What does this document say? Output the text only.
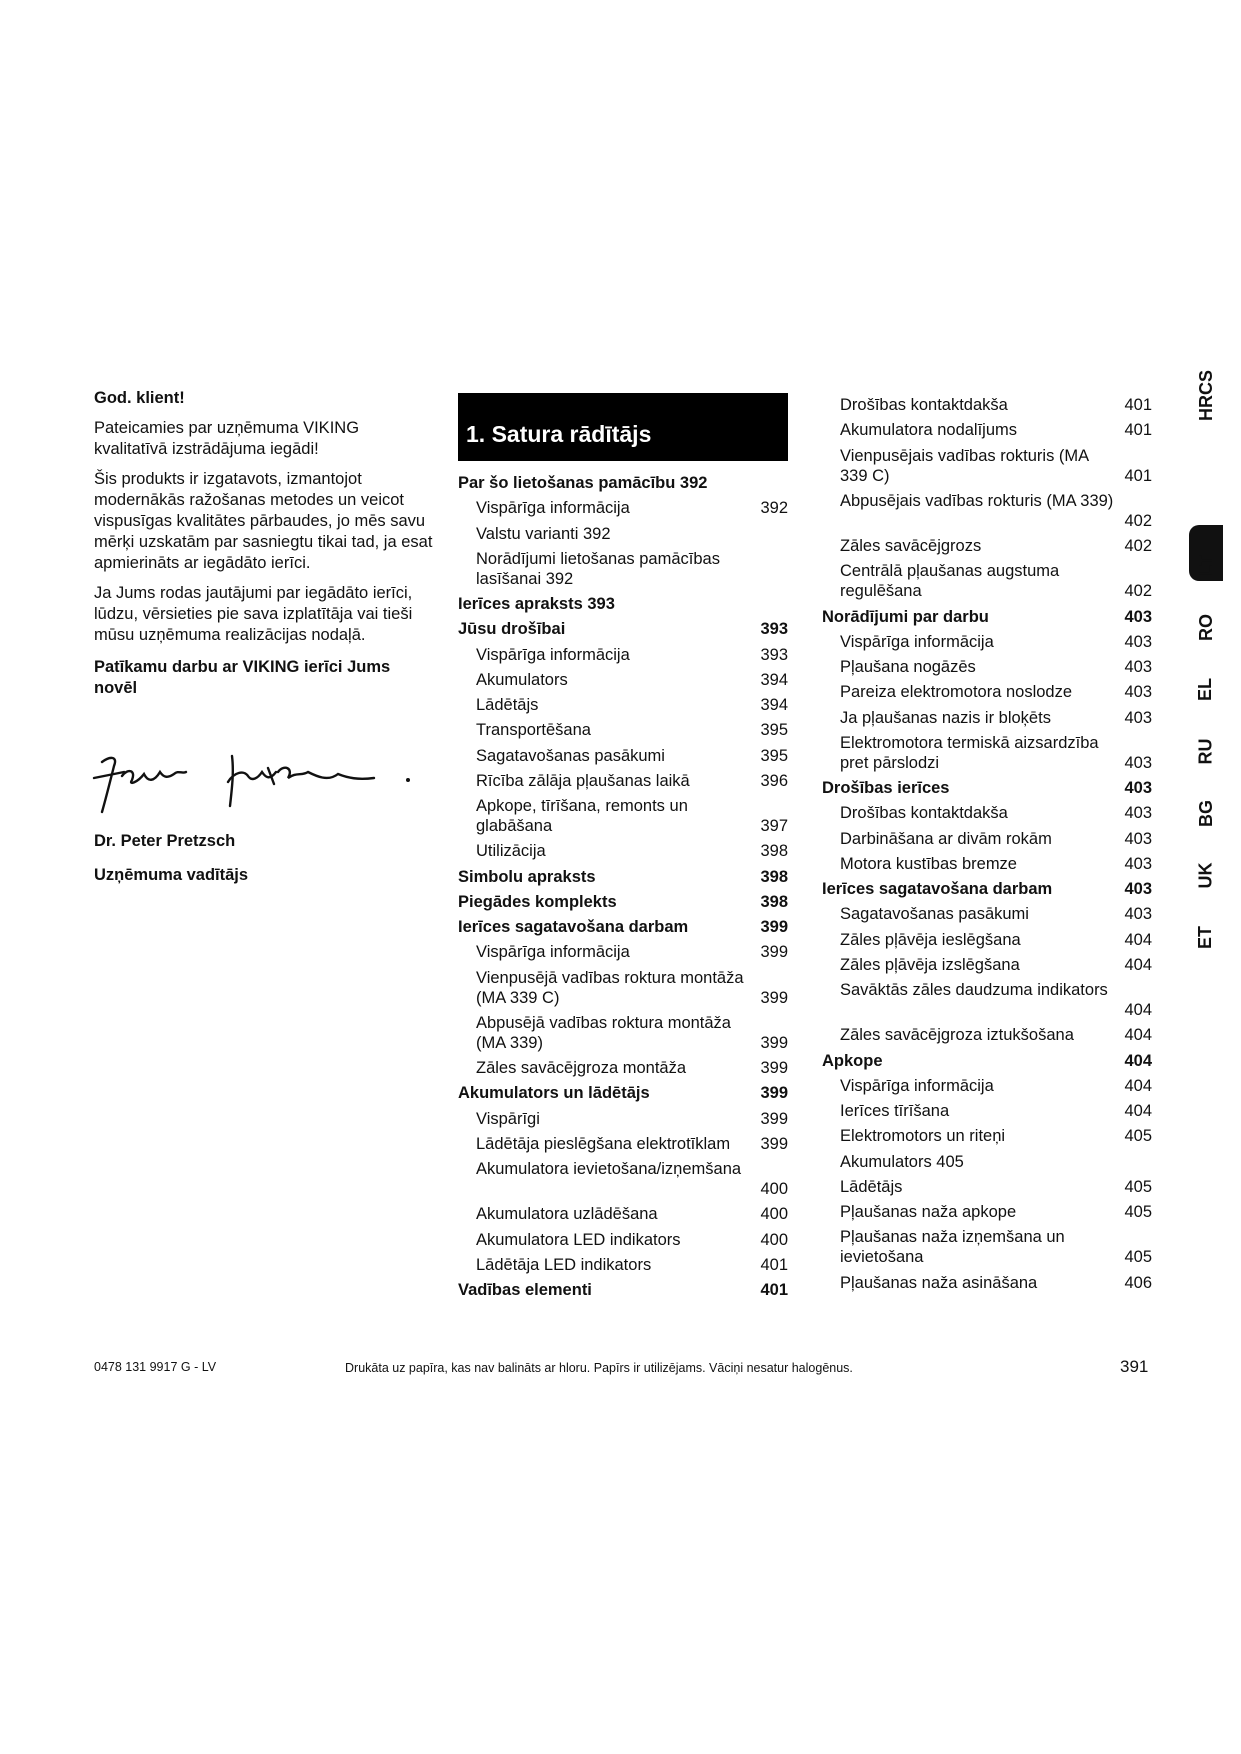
God. klient!

Pateicamies par uzņēmuma VIKING kvalitatīvā izstrādājuma iegādi!

Šis produkts ir izgatavots, izmantojot modernākās ražošanas metodes un veicot vispusīgas kvalitātes pārbaudes, jo mēs savu mērķi uzskatām par sasniegtu tikai tad, ja esat apmierināts ar iegādāto ierīci.

Ja Jums rodas jautājumi par iegādāto ierīci, lūdzu, vērsieties pie sava izplatītāja vai tieši mūsu uzņēmuma realizācijas nodaļā.

Patīkamu darbu ar VIKING ierīci Jums novēl

Dr. Peter Pretzsch
Uzņēmuma vadītājs
1. Satura rādītājs
Par šo lietošanas pamācību 392
Vispārīga informācija	392
Valstu varianti 392
Norādījumi lietošanas pamācības lasīšanai 392
Ierīces apraksts 393
Jūsu drošībai	393
Vispārīga informācija	393
Akumulators	394
Lādētājs	394
Transportēšana	395
Sagatavošanas pasākumi	395
Rīcība zālāja pļaušanas laikā	396
Apkope, tīrīšana, remonts un glabāšana	397
Utilizācija	398
Simbolu apraksts	398
Piegādes komplekts	398
Ierīces sagatavošana darbam	399
Vispārīga informācija	399
Vienpusējā vadības roktura montāža (MA 339 C)	399
Abpusējā vadības roktura montāža (MA 339)	399
Zāles savācējgroza montāža	399
Akumulators un lādētājs	399
Vispārīgi	399
Lādētāja pieslēgšana elektrotīklam	399
Akumulatora ievietošana/izņemšana
400
Akumulatora uzlādēšana	400
Akumulatora LED indikators	400
Lādētāja LED indikators	401
Vadības elementi	401
Drošības kontaktdakša	401
Akumulatora nodalījums	401
Vienpusējais vadības rokturis (MA 339 C)	401
Abpusējais vadības rokturis (MA 339)
402
Zāles savācējgrozs	402
Centrālā pļaušanas augstuma regulēšana	402
Norādījumi par darbu	403
Vispārīga informācija	403
Pļaušana nogāzēs	403
Pareiza elektromotora noslodze	403
Ja pļaušanas nazis ir bloķēts	403
Elektromotora termiskā aizsardzība pret pārslodzi	403
Drošības ierīces	403
Drošības kontaktdakša	403
Darbināšana ar divām rokām	403
Motora kustības bremze	403
Ierīces sagatavošana darbam	403
Sagatavošanas pasākumi	403
Zāles pļāvēja ieslēgšana	404
Zāles pļāvēja izslēgšana	404
Savāktās zāles daudzuma indikators
404
Zāles savācējgroza iztukšošana	404
Apkope	404
Vispārīga informācija	404
Ierīces tīrīšana	404
Elektromotors un riteņi	405
Akumulators 405
Lādētājs	405
Pļaušanas naža apkope	405
Pļaušanas naža izņemšana un ievietošana	405
Pļaušanas naža asināšana	406
HRCS
LT
RO
EL
RU
BG
UK
ET
0478 131 9917 G - LV	Drukāta uz papīra, kas nav balināts ar hloru. Papīrs ir utilizējams. Vāciņi nesatur halogēnus.	391
